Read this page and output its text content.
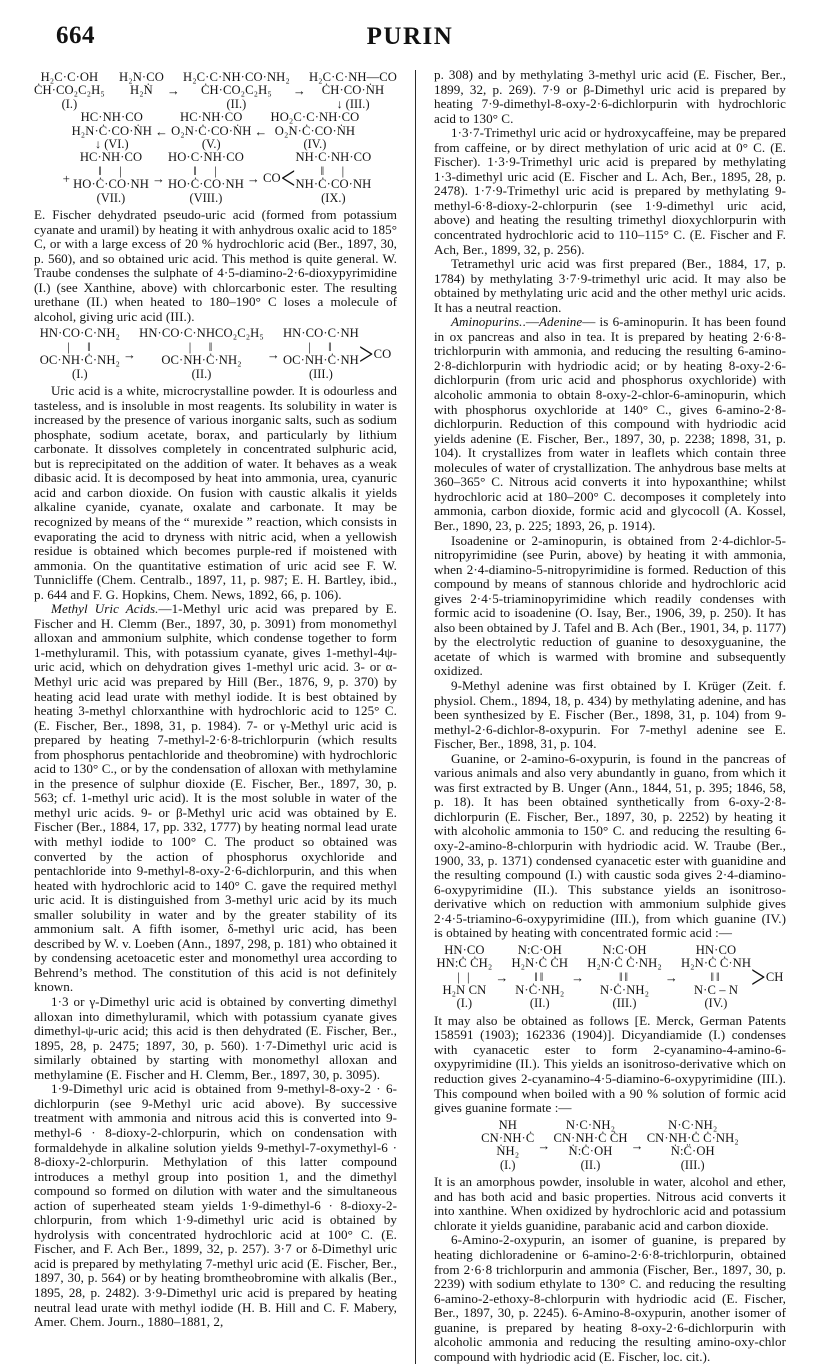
664	PURIN
H₂C·C·OH
ĊH·CO₂C₂H₅
(I.)
H₂N·CO
H₂Ṅ
	→
H₂C·C·NH·CO·NH₂
ĊH·CO₂C₂H₅
(II.)
→
H₂C·C·NH—CO
ĊH·CO·ṄH
↓ (III.)
HC·NH·CO
H₂N·Ċ·CO·ṄH
↓ (VI.)
←
HC·NH·CO
O₂N·Ċ·CO·ṄH
(V.)
←
HO₂C·C·NH·CO
O₂N·Ċ·CO·ṄH
(IV.)
+
HC·NH·CO
‖   |
HO·Ċ·CO·NH
(VII.)
→
HO·C·NH·CO
‖   |
HO·Ċ·CO·NH
(VIII.)
→ CO <
NH·C·NH·CO
‖   |
NH·Ċ·CO·NH
(IX.)

E. Fischer dehydrated pseudo-uric acid (formed from potassium cyanate and uramil) by heating it with anhydrous oxalic acid to 185° C, or with a large excess of 20 % hydrochloric acid (Ber., 1897, 30, p. 560), and so obtained uric acid. This method is quite general. W. Traube condenses the sulphate of 4·5-diamino-2·6-dioxypyrimidine (I.) (see Xanthine, above) with chlorcarbonic ester. The resulting urethane (II.) when heated to 180–190° C loses a molecule of alcohol, giving uric acid (III.).

HN·CO·C·NH₂
|   ‖
OC·NH·Ċ·NH₂
(I.)
→
HN·CO·C·NHCO₂C₂H₅
|   ‖
OC·NH·Ċ·NH₂
(II.)
→
HN·CO·C·NH
|   ‖
OC·NH·Ċ·NH
(III.)
> CO

Uric acid is a white, microcrystalline powder. It is odourless and tasteless, and is insoluble in most reagents. Its solubility in water is increased by the presence of various inorganic salts, such as sodium phosphate, sodium acetate, borax, and particularly by lithium carbonate. It dissolves completely in concentrated sulphuric acid, but is reprecipitated on the addition of water. It behaves as a weak dibasic acid. It is decomposed by heat into ammonia, urea, cyanuric acid and carbon dioxide. On fusion with caustic alkalis it yields alkaline cyanide, cyanate, oxalate and carbonate. It may be recognized by means of the “ murexide ” reaction, which consists in evaporating the acid to dryness with nitric acid, when a yellowish residue is obtained which becomes purple-red if moistened with ammonia. On the quantitative estimation of uric acid see F. W. Tunnicliffe (Chem. Centralb., 1897, 11, p. 987; E. H. Bartley, ibid., p. 644 and F. G. Hopkins, Chem. News, 1892, 66, p. 106).

Methyl Uric Acids.—1-Methyl uric acid was prepared by E. Fischer and H. Clemm (Ber., 1897, 30, p. 3091) from monomethyl alloxan and ammonium sulphite, which condense together to form 1-methyluramil. This, with potassium cyanate, gives 1-methyl-4ψ-uric acid, which on dehydration gives 1-methyl uric acid. 3- or α-Methyl uric acid was prepared by Hill (Ber., 1876, 9, p. 370) by heating acid lead urate with methyl iodide. It is best obtained by heating 3-methyl chlorxanthine with hydrochloric acid to 125° C. (E. Fischer, Ber., 1898, 31, p. 1984). 7- or γ-Methyl uric acid is prepared by heating 7-methyl-2·6·8-trichlorpurin (which results from phosphorus pentachloride and theobromine) with hydrochloric acid to 130° C., or by the condensation of alloxan with methylamine in the presence of sulphur dioxide (E. Fischer, Ber., 1897, 30, p. 563; cf. 1-methyl uric acid). It is the most soluble in water of the methyl uric acids. 9- or β-Methyl uric acid was obtained by E. Fischer (Ber., 1884, 17, pp. 332, 1777) by heating normal lead urate with methyl iodide to 100° C. The product so obtained was converted by the action of phosphorus oxychloride and pentachloride into 9-methyl-8-oxy-2·6-dichlorpurin, and this when heated with hydrochloric acid to 140° C. gave the required methyl uric acid. It is distinguished from 3-methyl uric acid by its much smaller solubility in water and by the greater stability of its ammonium salt. A fifth isomer, δ-methyl uric acid, has been described by W. v. Loeben (Ann., 1897, 298, p. 181) who obtained it by condensing acetoacetic ester and monomethyl urea according to Behrend’s method. The constitution of this acid is not definitely known.

1·3 or γ-Dimethyl uric acid is obtained by converting dimethyl alloxan into dimethyluramil, which with potassium cyanate gives dimethyl-ψ-uric acid; this acid is then dehydrated (E. Fischer, Ber., 1895, 28, p. 2475; 1897, 30, p. 560). 1·7-Dimethyl uric acid is similarly obtained by starting with monomethyl alloxan and methylamine (E. Fischer and H. Clemm, Ber., 1897, 30, p. 3095).

1·9-Dimethyl uric acid is obtained from 9-methyl-8-oxy-2 · 6-dichlorpurin (see 9-Methyl uric acid above). By successive treatment with ammonia and nitrous acid this is converted into 9-methyl-6 · 8-dioxy-2-chlorpurin, which on condensation with formaldehyde in alkaline solution yields 9-methyl-7-oxymethyl-6 · 8-dioxy-2-chlorpurin. Methylation of this latter compound introduces a methyl group into position 1, and the dimethyl compound so formed on dilution with water and the simultaneous action of superheated steam yields 1·9-dimethyl-6 · 8-dioxy-2-chlorpurin, from which 1·9-dimethyl uric acid is obtained by hydrolysis with concentrated hydrochloric acid at 100° C. (E. Fischer, and F. Ach Ber., 1899, 32, p. 257). 3·7 or δ-Dimethyl uric acid is prepared by methylating 7-methyl uric acid (E. Fischer, Ber., 1897, 30, p. 564) or by heating bromtheobromine with alkalis (Ber., 1895, 28, p. 2482). 3·9-Dimethyl uric acid is prepared by heating neutral lead urate with methyl iodide (H. B. Hill and C. F. Mabery, Amer. Chem. Journ., 1880–1881, 2,

p. 308) and by methylating 3-methyl uric acid (E. Fischer, Ber., 1899, 32, p. 269). 7·9 or β-Dimethyl uric acid is prepared by heating 7·9-dimethyl-8-oxy-2·6-dichlorpurin with hydrochloric acid to 130° C.

1·3·7-Trimethyl uric acid or hydroxycaffeine, may be prepared from caffeine, or by direct methylation of uric acid at 0° C. (E. Fischer). 1·3·9-Trimethyl uric acid is prepared by methylating 1·3-dimethyl uric acid (E. Fischer and L. Ach, Ber., 1895, 28, p. 2478). 1·7·9-Trimethyl uric acid is prepared by methylating 9-methyl-6·8-dioxy-2-chlorpurin (see 1·9-dimethyl uric acid, above) and heating the resulting trimethyl dioxychlorpurin with concentrated hydrochloric acid to 110–115° C. (E. Fischer and F. Ach, Ber., 1899, 32, p. 256).

Tetramethyl uric acid was first prepared (Ber., 1884, 17, p. 1784) by methylating 3·7·9-trimethyl uric acid. It may also be obtained by methylating uric acid and the other methyl uric acids. It has a neutral reaction.

Aminopurins..—Adenine— is 6-aminopurin. It has been found in ox pancreas and also in tea. It is prepared by heating 2·6·8-trichlorpurin with ammonia, and reducing the resulting 6-amino-2·8-dichlorpurin with hydriodic acid; or by heating 8-oxy-2·6-dichlorpurin (from uric acid and phosphorus oxychloride) with alcoholic ammonia to obtain 8-oxy-2-chlor-6-aminopurin, which with phosphorus oxychloride at 140° C., gives 6-amino-2·8-dichlorpurin. Reduction of this compound with hydriodic acid yields adenine (E. Fischer, Ber., 1897, 30, p. 2238; 1898, 31, p. 104). It crystallizes from water in leaflets which contain three molecules of water of crystallization. The anhydrous base melts at 360–365° C. Nitrous acid converts it into hypoxanthine; whilst hydrochloric acid at 180–200° C. decomposes it completely into ammonia, carbon dioxide, formic acid and glycocoll (A. Kossel, Ber., 1890, 23, p. 225; 1893, 26, p. 1914).

Isoadenine or 2-aminopurin, is obtained from 2·4-dichlor-5-nitropyrimidine (see Purin, above) by heating it with ammonia, when 2·4-diamino-5-nitropyrimidine is formed. Reduction of this compound by means of stannous chloride and hydrochloric acid gives 2·4·5-triaminopyrimidine which readily condenses with formic acid to isoadenine (O. Isay, Ber., 1906, 39, p. 250). It has also been obtained by J. Tafel and B. Ach (Ber., 1901, 34, p. 1177) by the electrolytic reduction of guanine to desoxyguanine, the acetate of which is warmed with bromine and subsequently oxidized.

9-Methyl adenine was first obtained by I. Krüger (Zeit. f. physiol. Chem., 1894, 18, p. 434) by methylating adenine, and has been synthesized by E. Fischer (Ber., 1898, 31, p. 104) from 9-methyl-2·6-dichlor-8-oxypurin. For 7-methyl adenine see E. Fischer, Ber., 1898, 31, p. 104.

Guanine, or 2-amino-6-oxypurin, is found in the pancreas of various animals and also very abundantly in guano, from which it was first extracted by B. Unger (Ann., 1844, 51, p. 395; 1846, 58, p. 18). It has been obtained synthetically from 6-oxy-2·8-dichlorpurin (E. Fischer, Ber., 1897, 30, p. 2252) by heating it with alcoholic ammonia to 150° C. and reducing the resulting 6-oxy-2-amino-8-chlorpurin with hydriodic acid. W. Traube (Ber., 1900, 33, p. 1371) condensed cyanacetic ester with guanidine and the resulting compound (I.) with caustic soda gives 2·4-diamino-6-oxypyrimidine (II.). This substance yields an isonitroso-derivative which on reduction with ammonium sulphide gives 2·4·5-triamino-6-oxypyrimidine (III.), from which guanine (IV.) is obtained by heating with concentrated formic acid :—

HN·CO
HN:Ċ ĊH₂
| |
H₂N CN
(I.)
→
N:C·OH
H₂N·Ċ ĊH
‖‖
N·Ċ·NH₂
(II.)
→
N:C·OH
H₂N·Ċ Ċ·NH₂
‖‖
N·Ċ·NH₂
(III.)
→
HN·CO
H₂N·Ċ Ċ·NH
‖‖
N·C – N
(IV.)
> CH

It may also be obtained as follows [E. Merck, German Patents 158591 (1903); 162336 (1904)]. Dicyandiamide (I.) condenses with cyanacetic ester to form 2-cyanamino-4-amino-6-oxypyrimidine (II.). This yields an isonitroso-derivative which on reduction gives 2-cyanamino-4·5-diamino-6-oxypyrimidine (III.). This compound when boiled with a 90 % solution of formic acid gives guanine formate :—

NH
CN·NH·Ċ
ṄH₂
(I.)
→
N·C·NH₂
CN·NH·Ċ ĊH
Ṅ:Ċ·OH
(II.)
→
N·C·NH₂
CN·NH·Ċ Ċ·NH₂
Ṅ:C̈·OH
(III.)

It is an amorphous powder, insoluble in water, alcohol and ether, and has both acid and basic properties. Nitrous acid converts it into xanthine. When oxidized by hydrochloric acid and potassium chlorate it yields guanidine, parabanic acid and carbon dioxide.

6-Amino-2-oxypurin, an isomer of guanine, is prepared by heating dichloradenine or 6-amino-2·6·8-trichlorpurin, obtained from 2·6·8 trichlorpurin and ammonia (Fischer, Ber., 1897, 30, p. 2239) with sodium ethylate to 130° C. and reducing the resulting 6-amino-2-ethoxy-8-chlorpurin with hydriodic acid (E. Fischer, Ber., 1897, 30, p. 2245). 6-Amino-8-oxypurin, another isomer of guanine, is prepared by heating 8-oxy-2·6-dichlorpurin with alcoholic ammonia and reducing the resulting amino-oxy-chlor compound with hydriodic acid (E. Fischer, loc. cit.).
